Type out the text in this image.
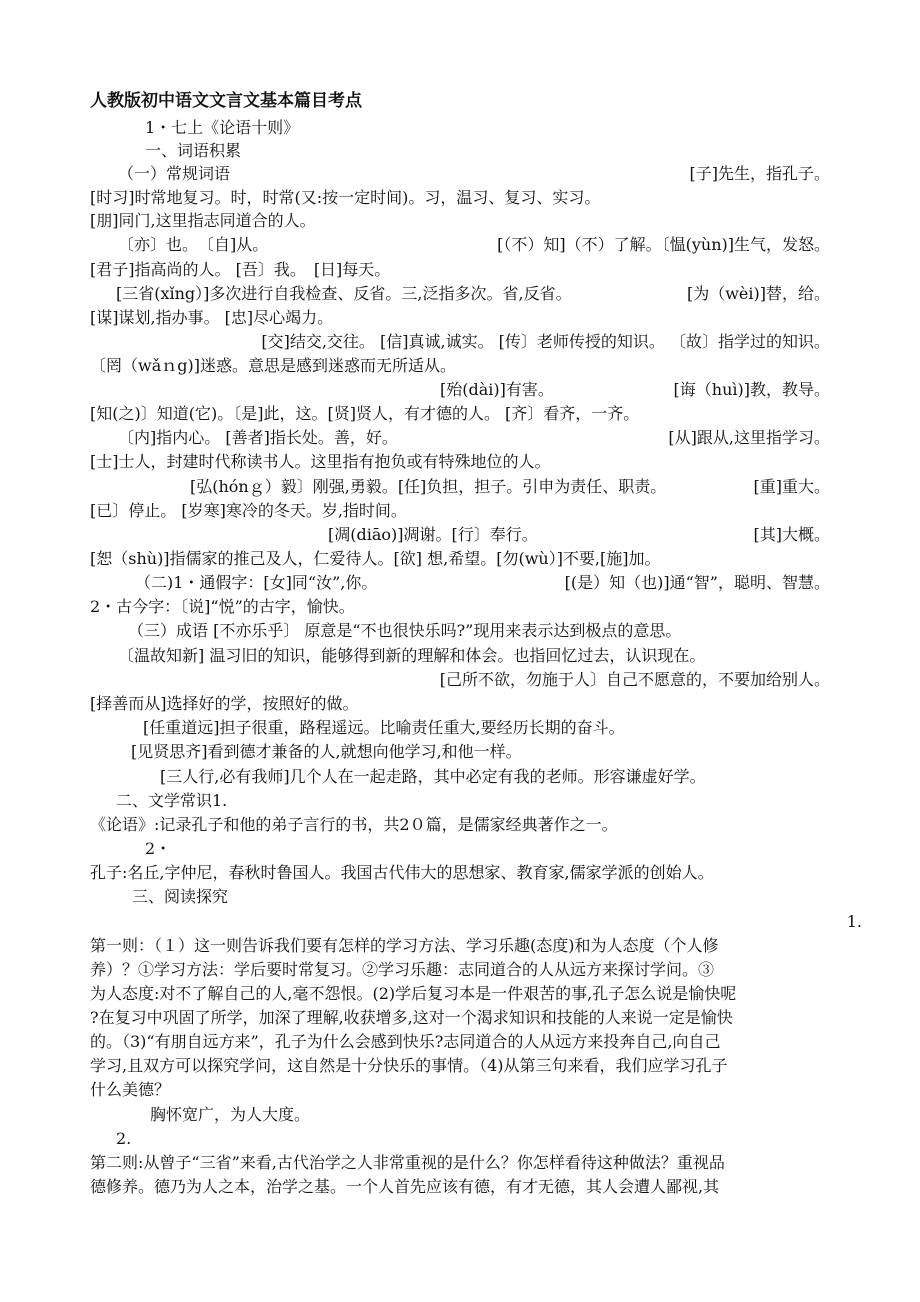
人教版初中语文文言文基本篇目考点
1・七上《论语十则》
一、词语积累
（一）常规词语	[子]先生，指孔子。
[时习]时常地复习。时，时常(又:按一定时间)。习，温习、复习、实习。
[朋]同门,这里指志同道合的人。
〔亦〕也。　〔自]从。	[（不）知]（不）了解。〔愠(yùn)]生气，发怒。
[君子]指高尚的人。 [吾〕我。　[日]每天。
[三省(xǐng）]多次进行自我检查、反省。三,泛指多次。省,反省。	[为（wèi)]替，给。
[谋]谋划,指办事。 [忠]尽心竭力。
[交]结交,交往。 [信]真诚,诚实。 [传〕老师传授的知识。 〔故〕指学过的知识。
〔罔（wǎｎg)]迷惑。意思是感到迷惑而无所适从。
[殆(dài)]有害。	[诲（huì)]教，教导。
[知(之)〕知道(它)。〔是]此，这。[贤]贤人，有才德的人。 [齐〕看齐，一齐。
〔内]指内心。 [善者]指长处。善，好。	[从]跟从,这里指学习。
[士]士人，封建时代称读书人。这里指有抱负或有特殊地位的人。
[弘(hónｇ）毅〕刚强,勇毅。[任]负担，担子。引申为责任、职责。	[重]重大。
[已〕停止。 [岁寒]寒冷的冬天。岁,指时间。
[凋(diāo)]凋谢。[行〕奉行。	[其]大概。
[恕（shù)]指儒家的推己及人，仁爱待人。[欲] 想,希望。[勿(wù）]不要,[施]加。
（二)1・通假字：[女]同“汝”,你。	[(是）知（也)]通“智”，聪明、智慧。
2・古今字：〔说]“悦”的古字，愉快。
（三）成语 [不亦乐乎〕 原意是“不也很快乐吗?”现用来表示达到极点的意思。
〔温故知新] 温习旧的知识，能够得到新的理解和体会。也指回忆过去，认识现在。
[己所不欲，勿施于人〕自己不愿意的，不要加给别人。
[择善而从]选择好的学，按照好的做。
[任重道远]担子很重，路程遥远。比喻责任重大,要经历长期的奋斗。
[见贤思齐]看到德才兼备的人,就想向他学习,和他一样。
[三人行,必有我师]几个人在一起走路，其中必定有我的老师。形容谦虚好学。
二、文学常识1.
《论语》:记录孔子和他的弟子言行的书，共2０篇，是儒家经典著作之一。
2・
孔子:名丘,字仲尼，春秋时鲁国人。我国古代伟大的思想家、教育家,儒家学派的创始人。
三、阅读探究
1.
第一则：（１）这一则告诉我们要有怎样的学习方法、学习乐趣(态度)和为人态度（个人修
养）？①学习方法：学后要时常复习。②学习乐趣：志同道合的人从远方来探讨学问。③
为人态度:对不了解自己的人,毫不怨恨。(2)学后复习本是一件艰苦的事,孔子怎么说是愉快呢
?在复习中巩固了所学，加深了理解,收获增多,这对一个渴求知识和技能的人来说一定是愉快
的。（3)“有朋自远方来”，孔子为什么会感到快乐?志同道合的人从远方来投奔自己,向自己
学习,且双方可以探究学问，这自然是十分快乐的事情。（4)从第三句来看，我们应学习孔子
什么美德？
胸怀宽广，为人大度。
2.
第二则:从曾子“三省”来看,古代治学之人非常重视的是什么？你怎样看待这种做法？重视品
德修养。德乃为人之本，治学之基。一个人首先应该有德，有才无德，其人会遭人鄙视,其
